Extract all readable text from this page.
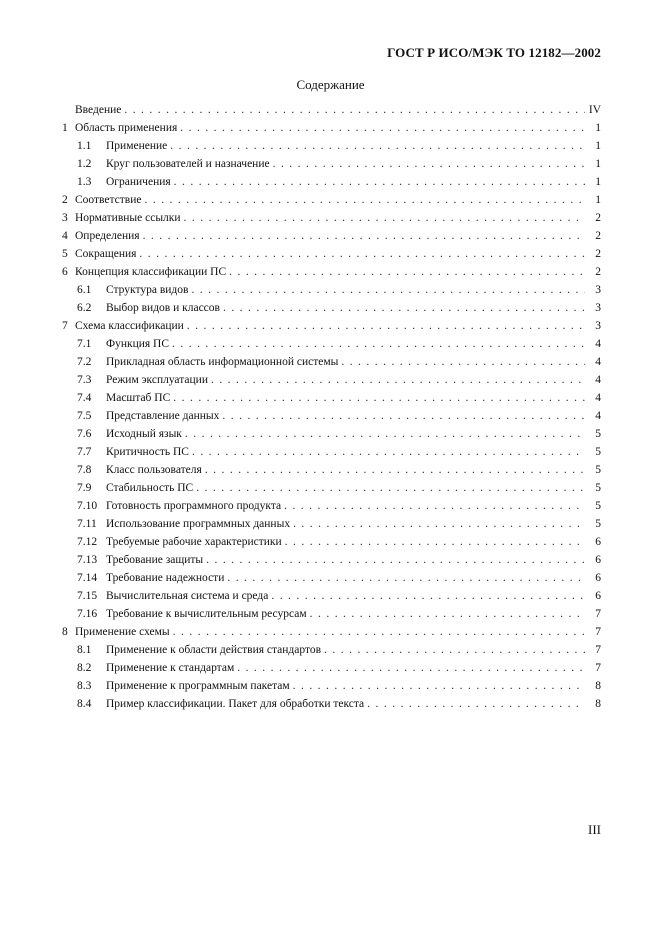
ГОСТ Р ИСО/МЭК ТО 12182—2002
Содержание
Введение . . .	IV
1 Область применения . . .	1
1.1	Применение . . .	1
1.2	Круг пользователей и назначение . . .	1
1.3	Ограничения . . .	1
2 Соответствие . . .	1
3 Нормативные ссылки . . .	2
4 Определения . . .	2
5 Сокращения . . .	2
6 Концепция классификации ПС . . .	2
6.1	Структура видов . . .	3
6.2	Выбор видов и классов . . .	3
7 Схема классификации . . .	3
7.1	Функция ПС . . .	4
7.2	Прикладная область информационной системы . . .	4
7.3	Режим эксплуатации . . .	4
7.4	Масштаб ПС . . .	4
7.5	Представление данных . . .	4
7.6	Исходный язык . . .	5
7.7	Критичность ПС . . .	5
7.8	Класс пользователя . . .	5
7.9	Стабильность ПС . . .	5
7.10 Готовность программного продукта . . .	5
7.11 Использование программных данных . . .	5
7.12 Требуемые рабочие характеристики . . .	6
7.13 Требование защиты . . .	6
7.14 Требование надежности . . .	6
7.15 Вычислительная система и среда . . .	6
7.16 Требование к вычислительным ресурсам . . .	7
8 Применение схемы . . .	7
8.1	Применение к области действия стандартов . . .	7
8.2	Применение к стандартам . . .	7
8.3	Применение к программным пакетам . . .	8
8.4	Пример классификации. Пакет для обработки текста . . .	8
III
